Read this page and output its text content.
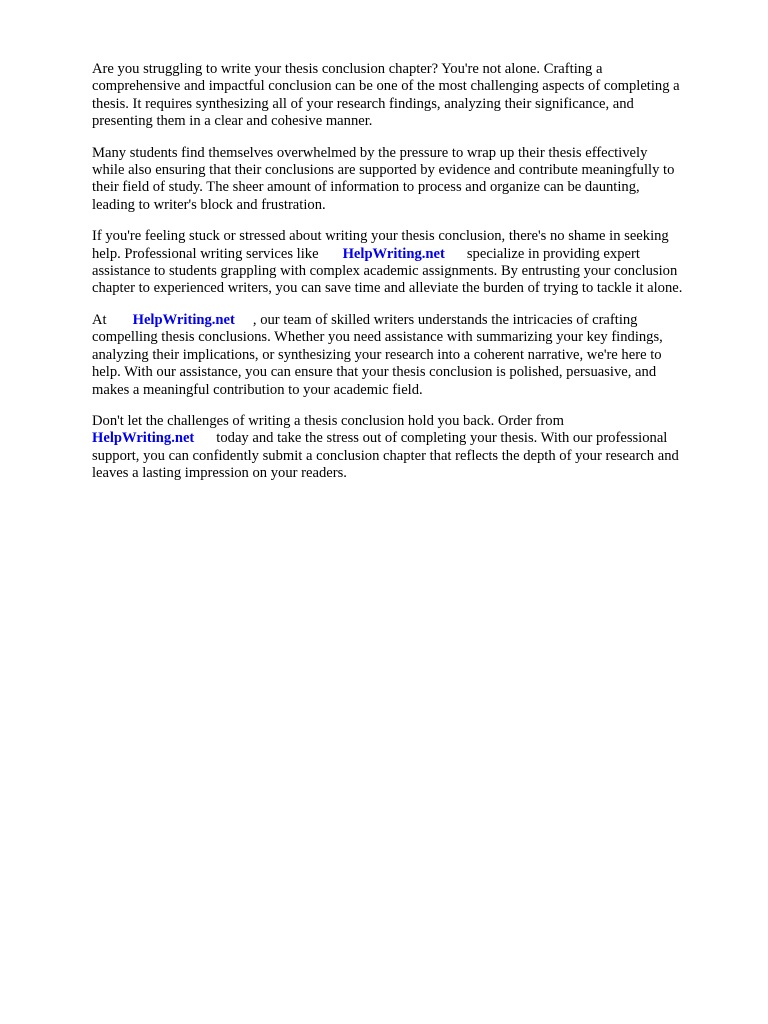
Are you struggling to write your thesis conclusion chapter? You're not alone. Crafting a
comprehensive and impactful conclusion can be one of the most challenging aspects of completing a
thesis. It requires synthesizing all of your research findings, analyzing their significance, and
presenting them in a clear and cohesive manner.

Many students find themselves overwhelmed by the pressure to wrap up their thesis effectively
while also ensuring that their conclusions are supported by evidence and contribute meaningfully to
their field of study. The sheer amount of information to process and organize can be daunting,
leading to writer's block and frustration.

If you're feeling stuck or stressed about writing your thesis conclusion, there's no shame in seeking
help. Professional writing services like HelpWriting.net specialize in providing expert
assistance to students grappling with complex academic assignments. By entrusting your conclusion
chapter to experienced writers, you can save time and alleviate the burden of trying to tackle it alone.

At HelpWriting.net , our team of skilled writers understands the intricacies of crafting
compelling thesis conclusions. Whether you need assistance with summarizing your key findings,
analyzing their implications, or synthesizing your research into a coherent narrative, we're here to
help. With our assistance, you can ensure that your thesis conclusion is polished, persuasive, and
makes a meaningful contribution to your academic field.

Don't let the challenges of writing a thesis conclusion hold you back. Order from
HelpWriting.net today and take the stress out of completing your thesis. With our professional
support, you can confidently submit a conclusion chapter that reflects the depth of your research and
leaves a lasting impression on your readers.
